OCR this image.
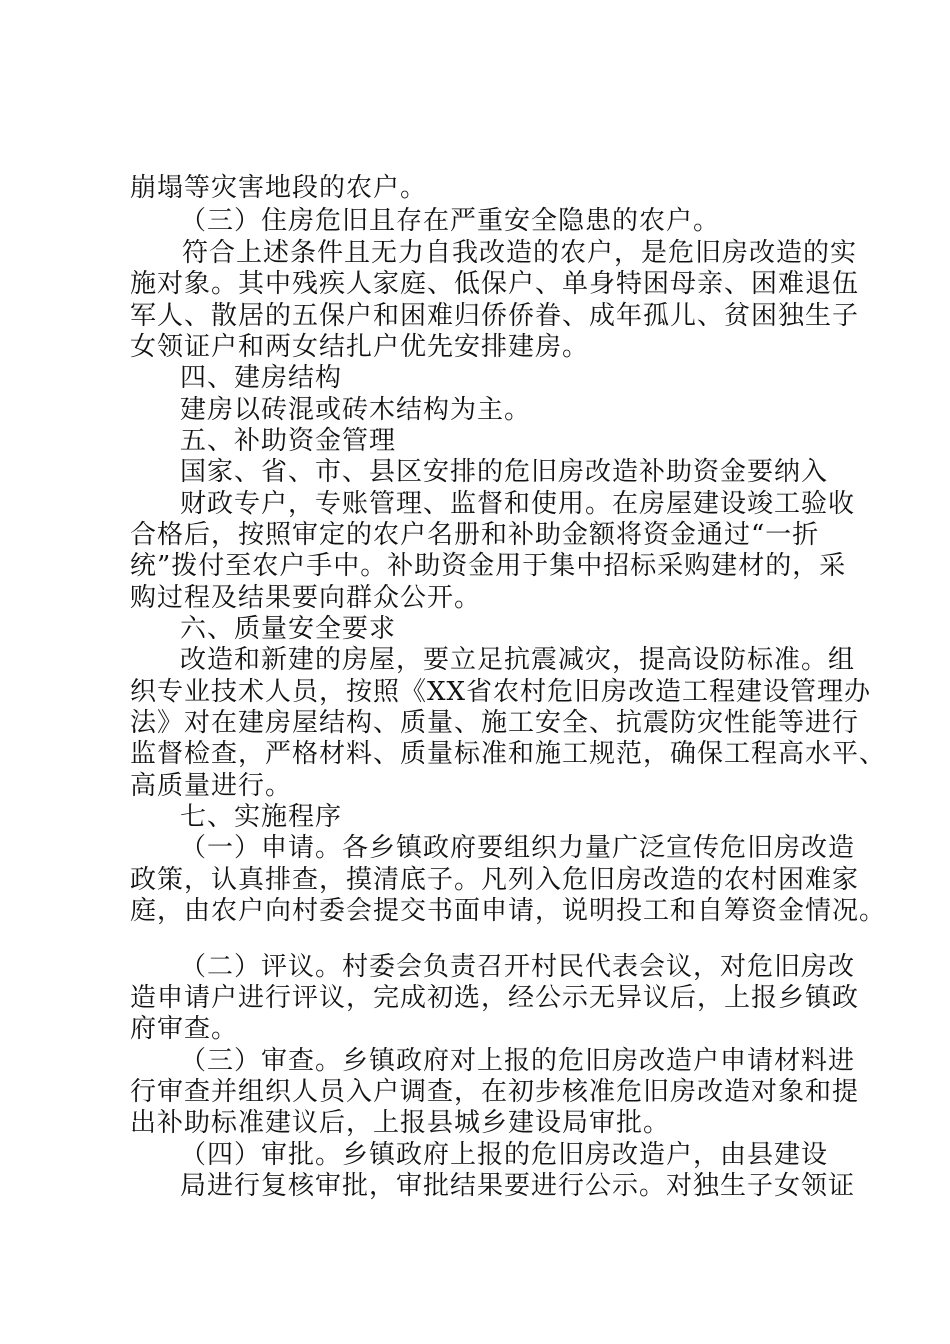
崩塌等灾害地段的农户。
（三）住房危旧且存在严重安全隐患的农户。
符合上述条件且无力自我改造的农户，是危旧房改造的实
施对象。其中残疾人家庭、低保户、单身特困母亲、困难退伍
军人、散居的五保户和困难归侨侨眷、成年孤儿、贫困独生子
女领证户和两女结扎户优先安排建房。
四、建房结构
建房以砖混或砖木结构为主。
五、补助资金管理
国家、省、市、县区安排的危旧房改造补助资金要纳入
财政专户，专账管理、监督和使用。在房屋建设竣工验收
合格后，按照审定的农户名册和补助金额将资金通过“一折
统”拨付至农户手中。补助资金用于集中招标采购建材的，采
购过程及结果要向群众公开。
六、质量安全要求
改造和新建的房屋，要立足抗震减灾，提高设防标准。组
织专业技术人员，按照《XX省农村危旧房改造工程建设管理办
法》对在建房屋结构、质量、施工安全、抗震防灾性能等进行
监督检查，严格材料、质量标准和施工规范，确保工程高水平、
高质量进行。
七、实施程序
（一）申请。各乡镇政府要组织力量广泛宣传危旧房改造
政策，认真排查，摸清底子。凡列入危旧房改造的农村困难家
庭，由农户向村委会提交书面申请，说明投工和自筹资金情况。
（二）评议。村委会负责召开村民代表会议，对危旧房改
造申请户进行评议，完成初选，经公示无异议后，上报乡镇政
府审查。
（三）审查。乡镇政府对上报的危旧房改造户申请材料进
行审查并组织人员入户调查，在初步核准危旧房改造对象和提
出补助标准建议后，上报县城乡建设局审批。
（四）审批。乡镇政府上报的危旧房改造户，由县建设
局进行复核审批，审批结果要进行公示。对独生子女领证
